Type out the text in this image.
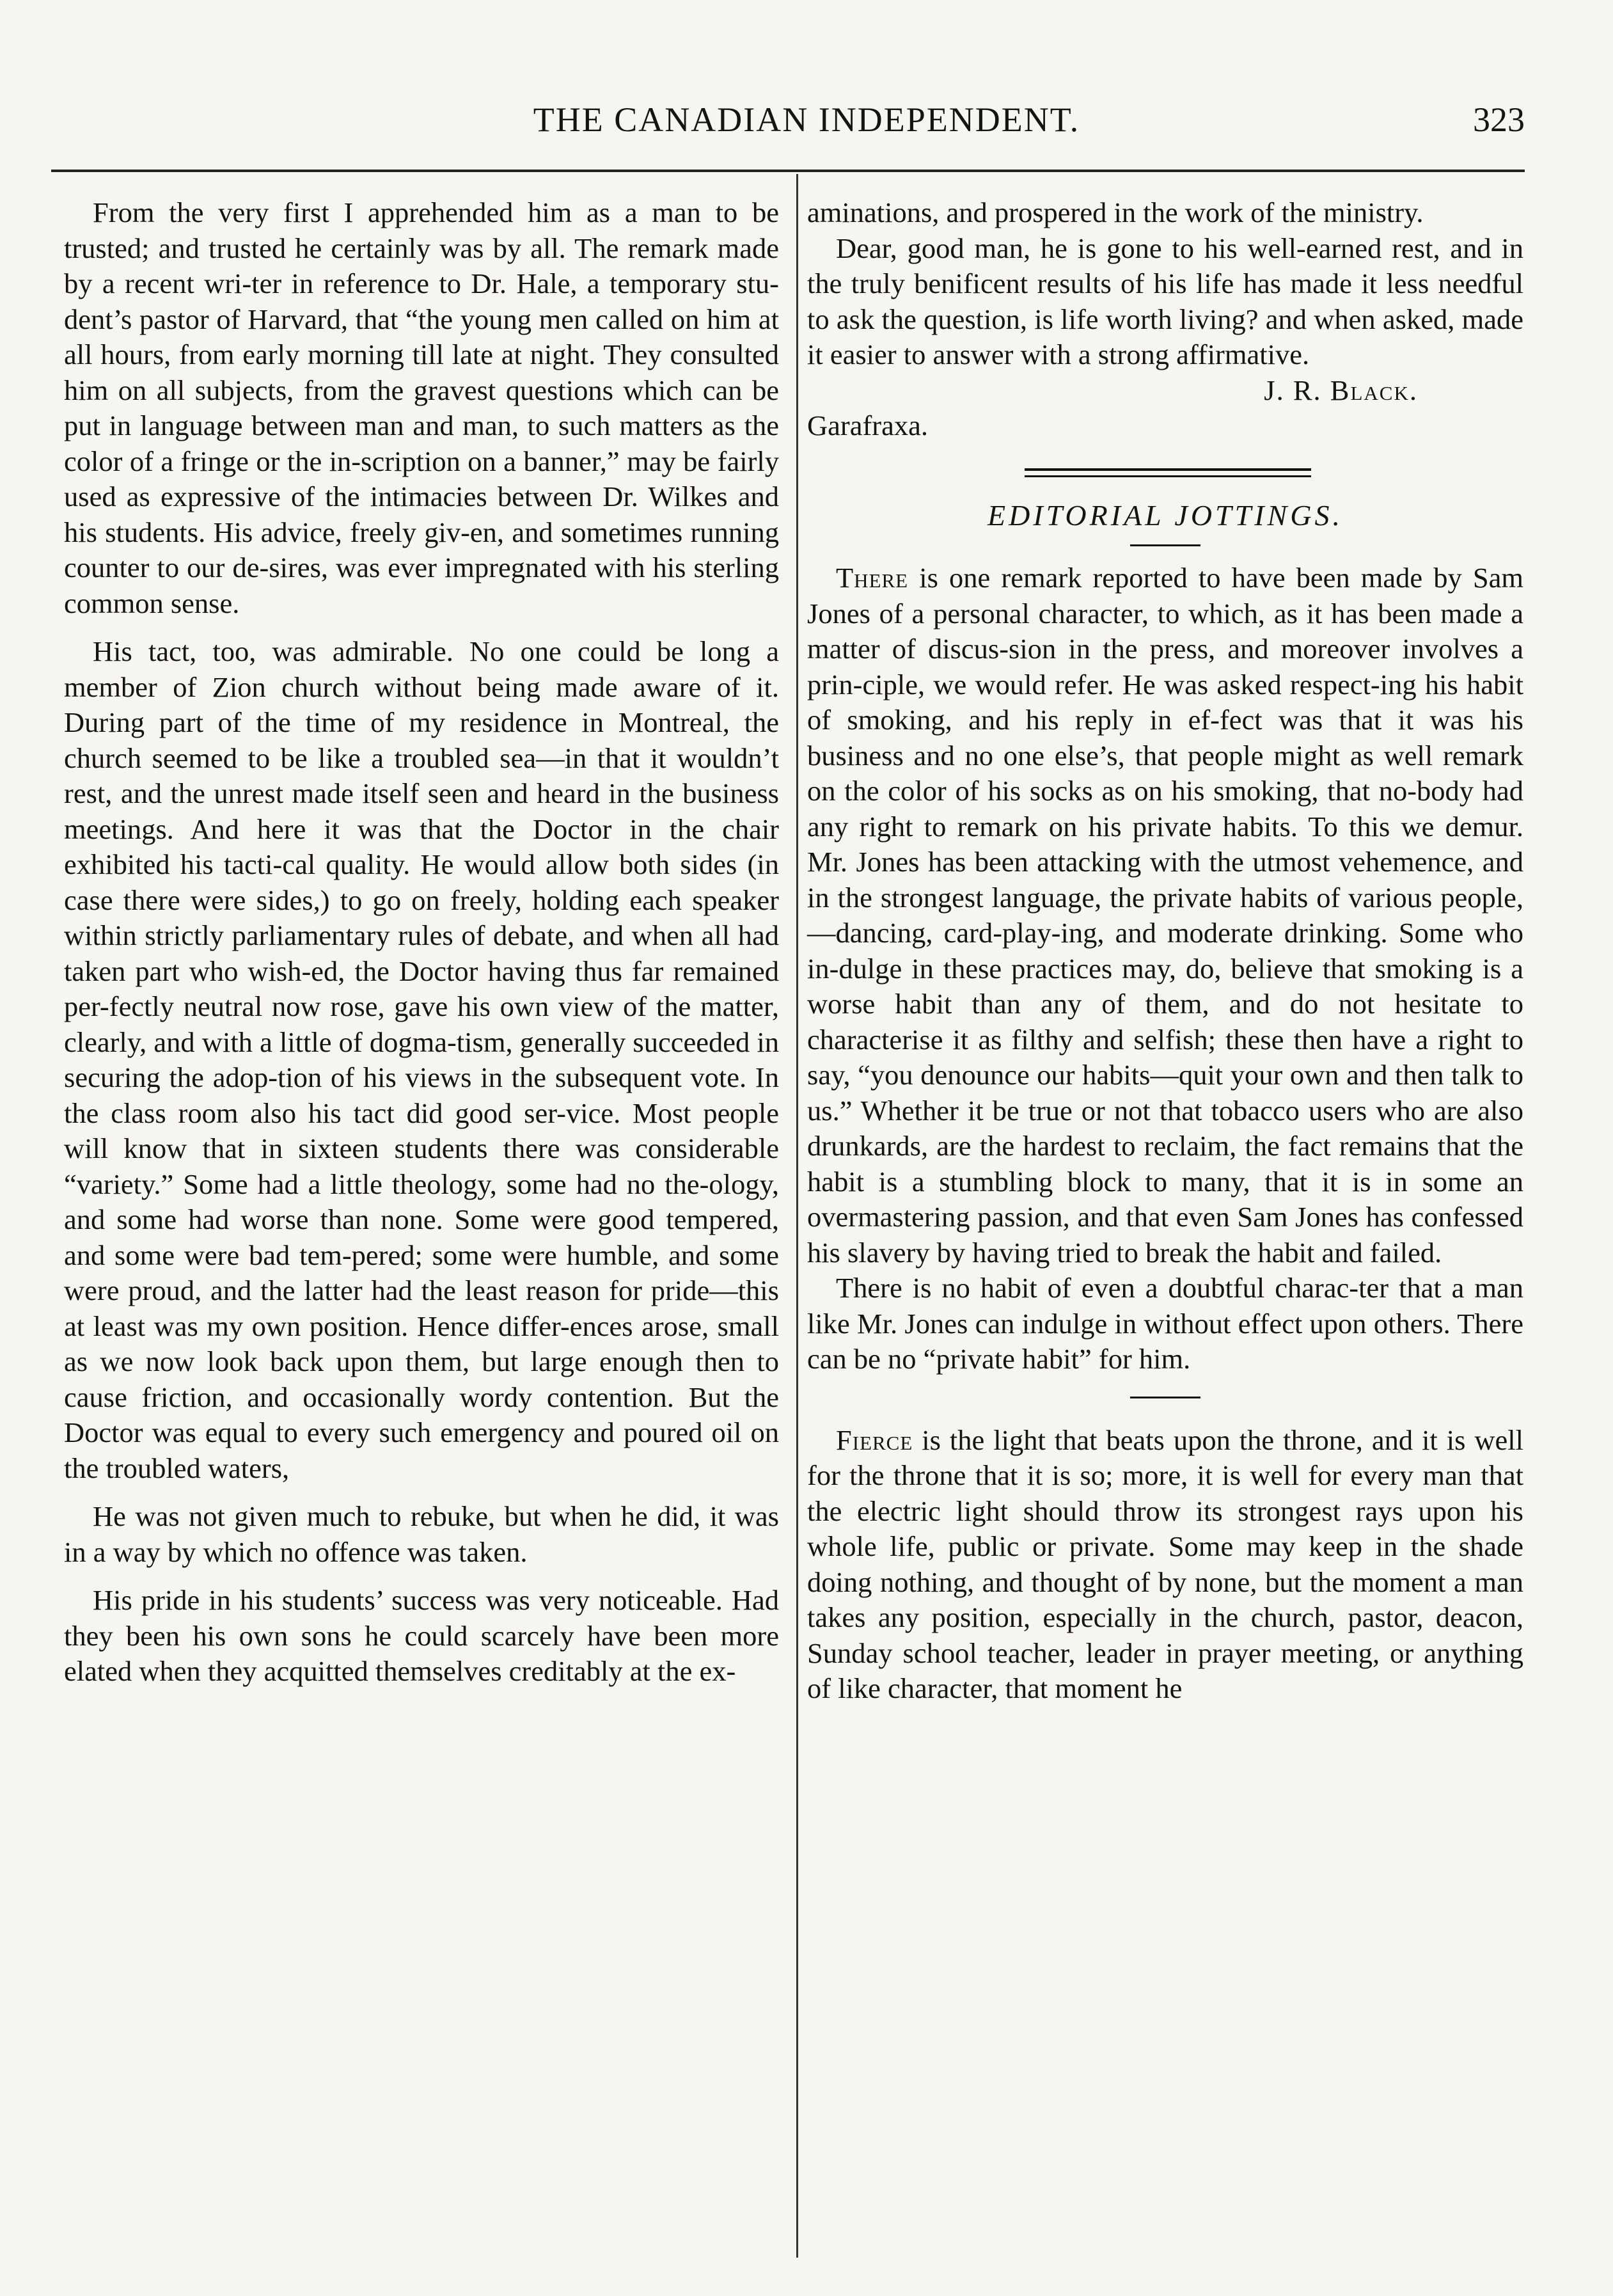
THE CANADIAN INDEPENDENT.	323

From the very first I apprehended him as a man to be trusted; and trusted he certainly was by all. The remark made by a recent wri-ter in reference to Dr. Hale, a temporary stu-dent’s pastor of Harvard, that “the young men called on him at all hours, from early morning till late at night. They consulted him on all subjects, from the gravest questions which can be put in language between man and man, to such matters as the color of a fringe or the in-scription on a banner,” may be fairly used as expressive of the intimacies between Dr. Wilkes and his students. His advice, freely giv-en, and sometimes running counter to our de-sires, was ever impregnated with his sterling common sense.

His tact, too, was admirable. No one could be long a member of Zion church without being made aware of it. During part of the time of my residence in Montreal, the church seemed to be like a troubled sea—in that it wouldn’t rest, and the unrest made itself seen and heard in the business meetings. And here it was that the Doctor in the chair exhibited his tacti-cal quality. He would allow both sides (in case there were sides,) to go on freely, holding each speaker within strictly parliamentary rules of debate, and when all had taken part who wish-ed, the Doctor having thus far remained per-fectly neutral now rose, gave his own view of the matter, clearly, and with a little of dogma-tism, generally succeeded in securing the adop-tion of his views in the subsequent vote. In the class room also his tact did good ser-vice. Most people will know that in sixteen students there was considerable “variety.” Some had a little theology, some had no the-ology, and some had worse than none. Some were good tempered, and some were bad tem-pered; some were humble, and some were proud, and the latter had the least reason for pride—this at least was my own position. Hence differ-ences arose, small as we now look back upon them, but large enough then to cause friction, and occasionally wordy contention. But the Doctor was equal to every such emergency and poured oil on the troubled waters,

He was not given much to rebuke, but when he did, it was in a way by which no offence was taken.

His pride in his students’ success was very noticeable. Had they been his own sons he could scarcely have been more elated when they acquitted themselves creditably at the ex-

aminations, and prospered in the work of the ministry.

Dear, good man, he is gone to his well-earned rest, and in the truly benificent results of his life has made it less needful to ask the question, is life worth living? and when asked, made it easier to answer with a strong affirmative.

J. R. Black.
Garafraxa.
EDITORIAL JOTTINGS.

There is one remark reported to have been made by Sam Jones of a personal character, to which, as it has been made a matter of discus-sion in the press, and moreover involves a prin-ciple, we would refer. He was asked respect-ing his habit of smoking, and his reply in ef-fect was that it was his business and no one else’s, that people might as well remark on the color of his socks as on his smoking, that no-body had any right to remark on his private habits. To this we demur. Mr. Jones has been attacking with the utmost vehemence, and in the strongest language, the private habits of various people,—dancing, card-play-ing, and moderate drinking. Some who in-dulge in these practices may, do, believe that smoking is a worse habit than any of them, and do not hesitate to characterise it as filthy and selfish; these then have a right to say, “you denounce our habits—quit your own and then talk to us.” Whether it be true or not that tobacco users who are also drunkards, are the hardest to reclaim, the fact remains that the habit is a stumbling block to many, that it is in some an overmastering passion, and that even Sam Jones has confessed his slavery by having tried to break the habit and failed.

There is no habit of even a doubtful charac-ter that a man like Mr. Jones can indulge in without effect upon others. There can be no “private habit” for him.

Fierce is the light that beats upon the throne, and it is well for the throne that it is so; more, it is well for every man that the electric light should throw its strongest rays upon his whole life, public or private. Some may keep in the shade doing nothing, and thought of by none, but the moment a man takes any position, especially in the church, pastor, deacon, Sunday school teacher, leader in prayer meeting, or anything of like character, that moment he
